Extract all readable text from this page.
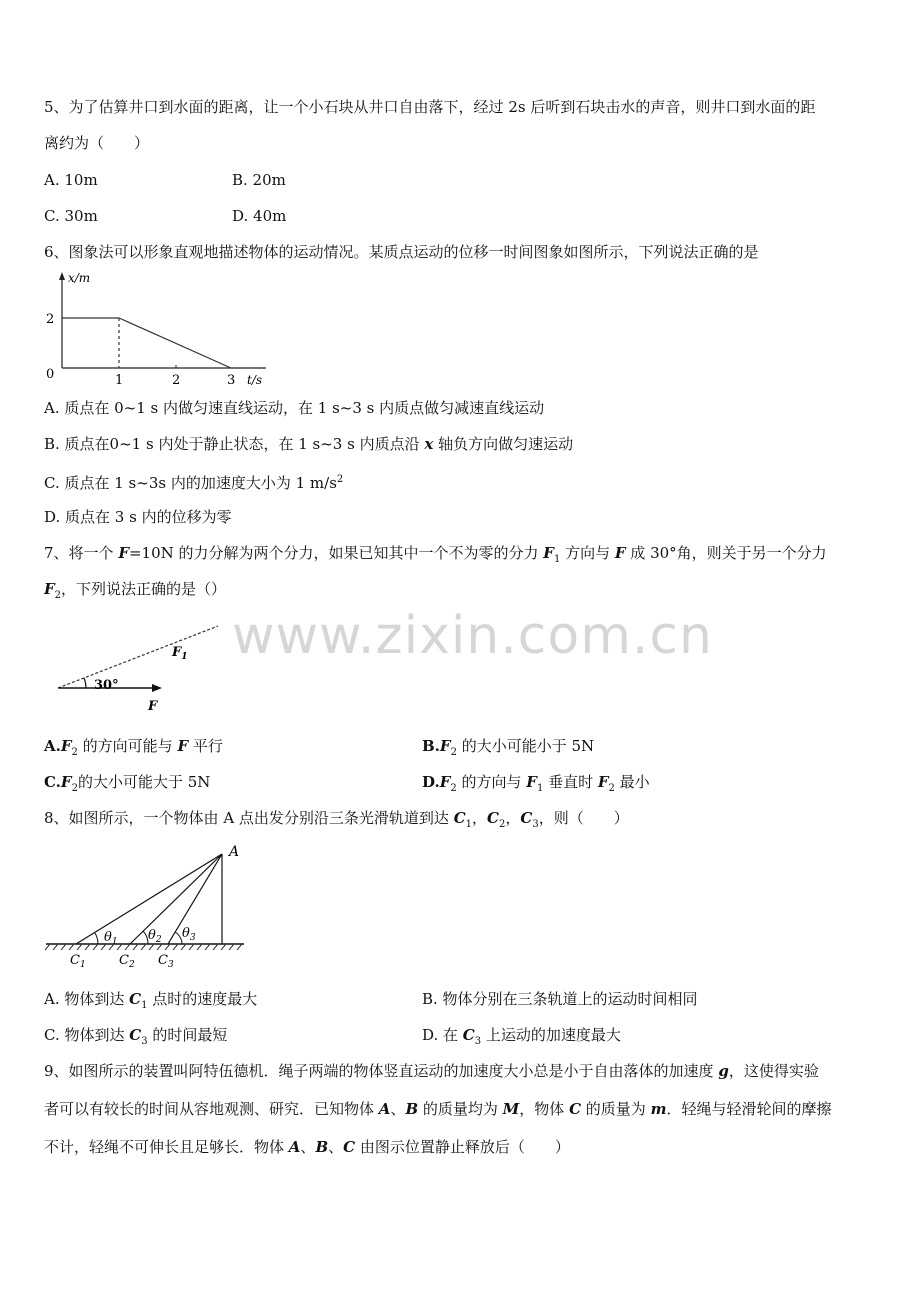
www.zixin.com.cn
5、为了估算井口到水面的距离，让一个小石块从井口自由落下，经过 2s 后听到石块击水的声音，则井口到水面的距
离约为（　　）
A. 10m	B. 20m
C. 30m	D. 40m
6、图象法可以形象直观地描述物体的运动情况。某质点运动的位移一时间图象如图所示，下列说法正确的是
x/m
2
0	1	2	3 t/s
A. 质点在 0~1 s 内做匀速直线运动，在 1 s~3 s 内质点做匀减速直线运动
B. 质点在0~1 s 内处于静止状态，在 1 s~3 s 内质点沿 x 轴负方向做匀速运动
C. 质点在 1 s~3s 内的加速度大小为 1 $m/s^2$
D. 质点在 3 s 内的位移为零
7、将一个 F=10N 的力分解为两个分力，如果已知其中一个不为零的分力 $F_1$ 方向与 F 成 30°角，则关于另一个分力
$F_2$，下列说法正确的是（）
30°
$F_1$
F
$A.F_2$ 的方向可能与 F 平行	$B.F_2$ 的大小可能小于 5N
$C.F_2$的大小可能大于 5N	$D.F_2$ 的方向与 $F_1$ 垂直时 $F_2$ 最小
8、如图所示，一个物体由 A 点出发分别沿三条光滑轨道到达 $C_1$，$C_2$，$C_3$，则（　　）
A
$\theta_1$ $\theta_2$ $\theta_3$
$C_1$	$C_2$ $C_3$
A. 物体到达 $C_1$ 点时的速度最大	B. 物体分别在三条轨道上的运动时间相同
C. 物体到达 $C_3$ 的时间最短	D. 在 $C_3$ 上运动的加速度最大
9、如图所示的装置叫阿特伍德机．绳子两端的物体竖直运动的加速度大小总是小于自由落体的加速度 g，这使得实验
者可以有较长的时间从容地观测、研究．已知物体 A、B 的质量均为 M，物体 C 的质量为 m．轻绳与轻滑轮间的摩擦
不计，轻绳不可伸长且足够长．物体 A、B、C 由图示位置静止释放后（　　）
